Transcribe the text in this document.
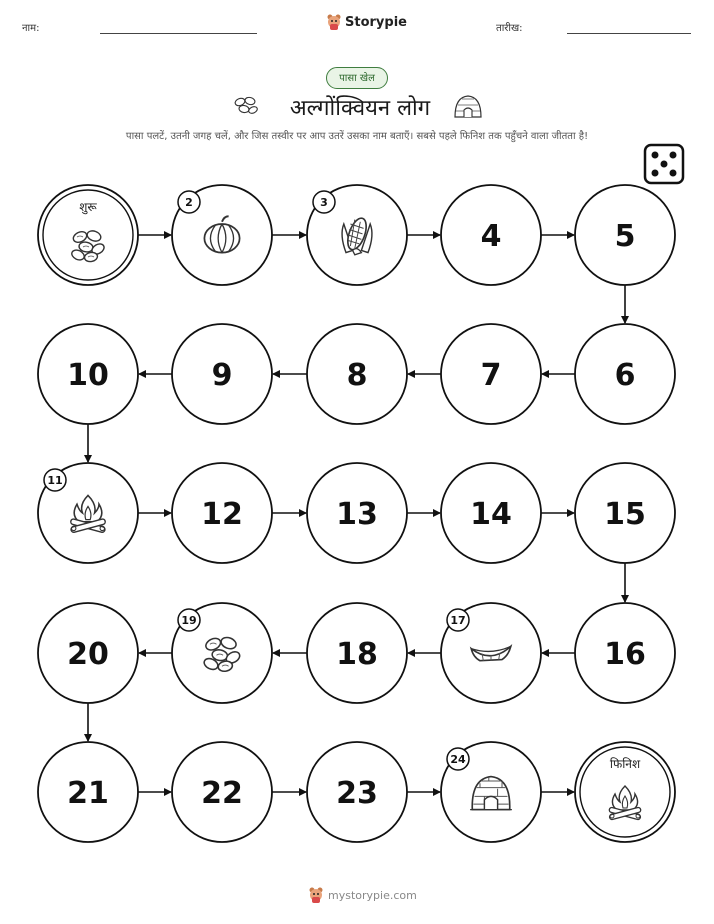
नाम:	Storypie	तारीख:
पासा खेल
अल्गोंक्वियन लोग
पासा पलटें, उतनी जगह चलें, और जिस तस्वीर पर आप उतरें उसका नाम बताएँ। सबसे पहले फिनिश तक पहुँचने वाला जीतता है!
शुरू	2	3
4	5
6
7
8
9
10
11
12	13	14	15
16
17
18
19
20
21	22	23
24	फिनिश
mystorypie.com
